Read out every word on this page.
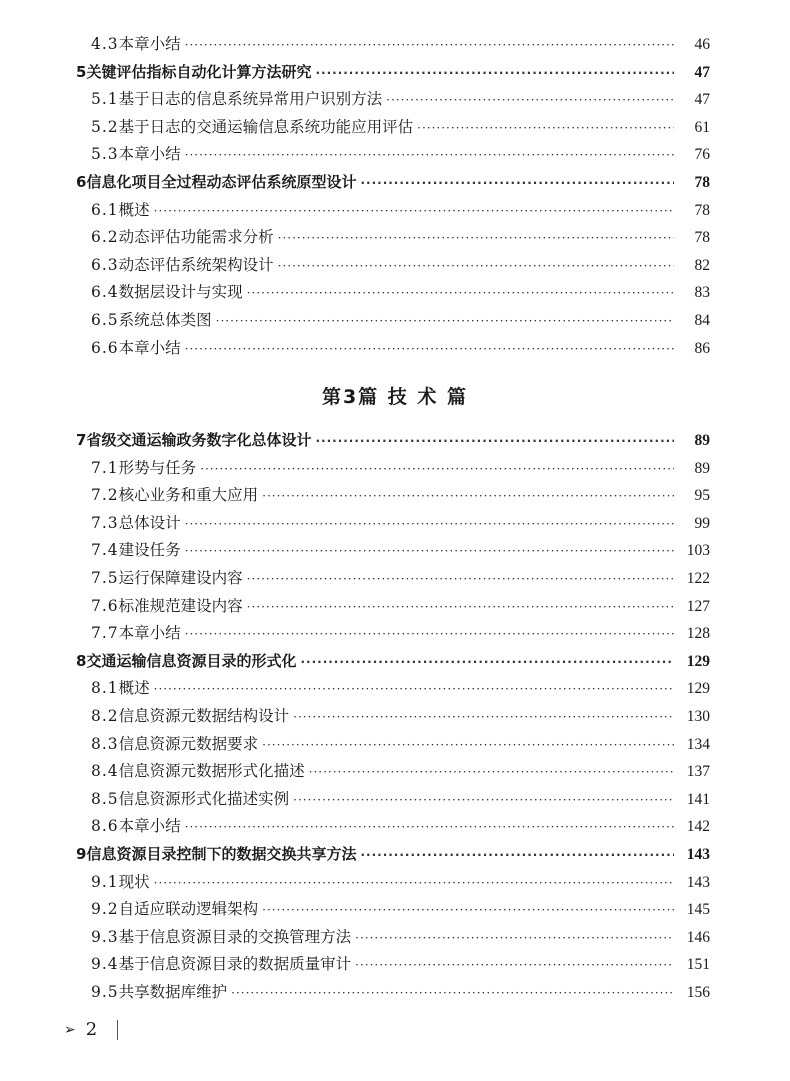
4.3 本章小结 ·····	46
5 关键评估指标自动化计算方法研究 ·····	47
5.1 基于日志的信息系统异常用户识别方法 ·····	47
5.2 基于日志的交通运输信息系统功能应用评估 ·····	61
5.3 本章小结 ·····	76
6 信息化项目全过程动态评估系统原型设计 ·····	78
6.1 概述 ·····	78
6.2 动态评估功能需求分析 ·····	78
6.3 动态评估系统架构设计 ·····	82
6.4 数据层设计与实现 ·····	83
6.5 系统总体类图 ·····	84
6.6 本章小结 ·····	86
第3篇 技 术 篇
7 省级交通运输政务数字化总体设计 ·····	89
7.1 形势与任务 ·····	89
7.2 核心业务和重大应用 ·····	95
7.3 总体设计 ·····	99
7.4 建设任务 ·····	103
7.5 运行保障建设内容 ·····	122
7.6 标准规范建设内容 ·····	127
7.7 本章小结 ·····	128
8 交通运输信息资源目录的形式化 ·····	129
8.1 概述 ·····	129
8.2 信息资源元数据结构设计 ·····	130
8.3 信息资源元数据要求 ·····	134
8.4 信息资源元数据形式化描述 ·····	137
8.5 信息资源形式化描述实例 ·····	141
8.6 本章小结 ·····	142
9 信息资源目录控制下的数据交换共享方法 ·····	143
9.1 现状 ·····	143
9.2 自适应联动逻辑架构 ·····	145
9.3 基于信息资源目录的交换管理方法 ·····	146
9.4 基于信息资源目录的数据质量审计 ·····	151
9.5 共享数据库维护 ·····	156
➢ 2
